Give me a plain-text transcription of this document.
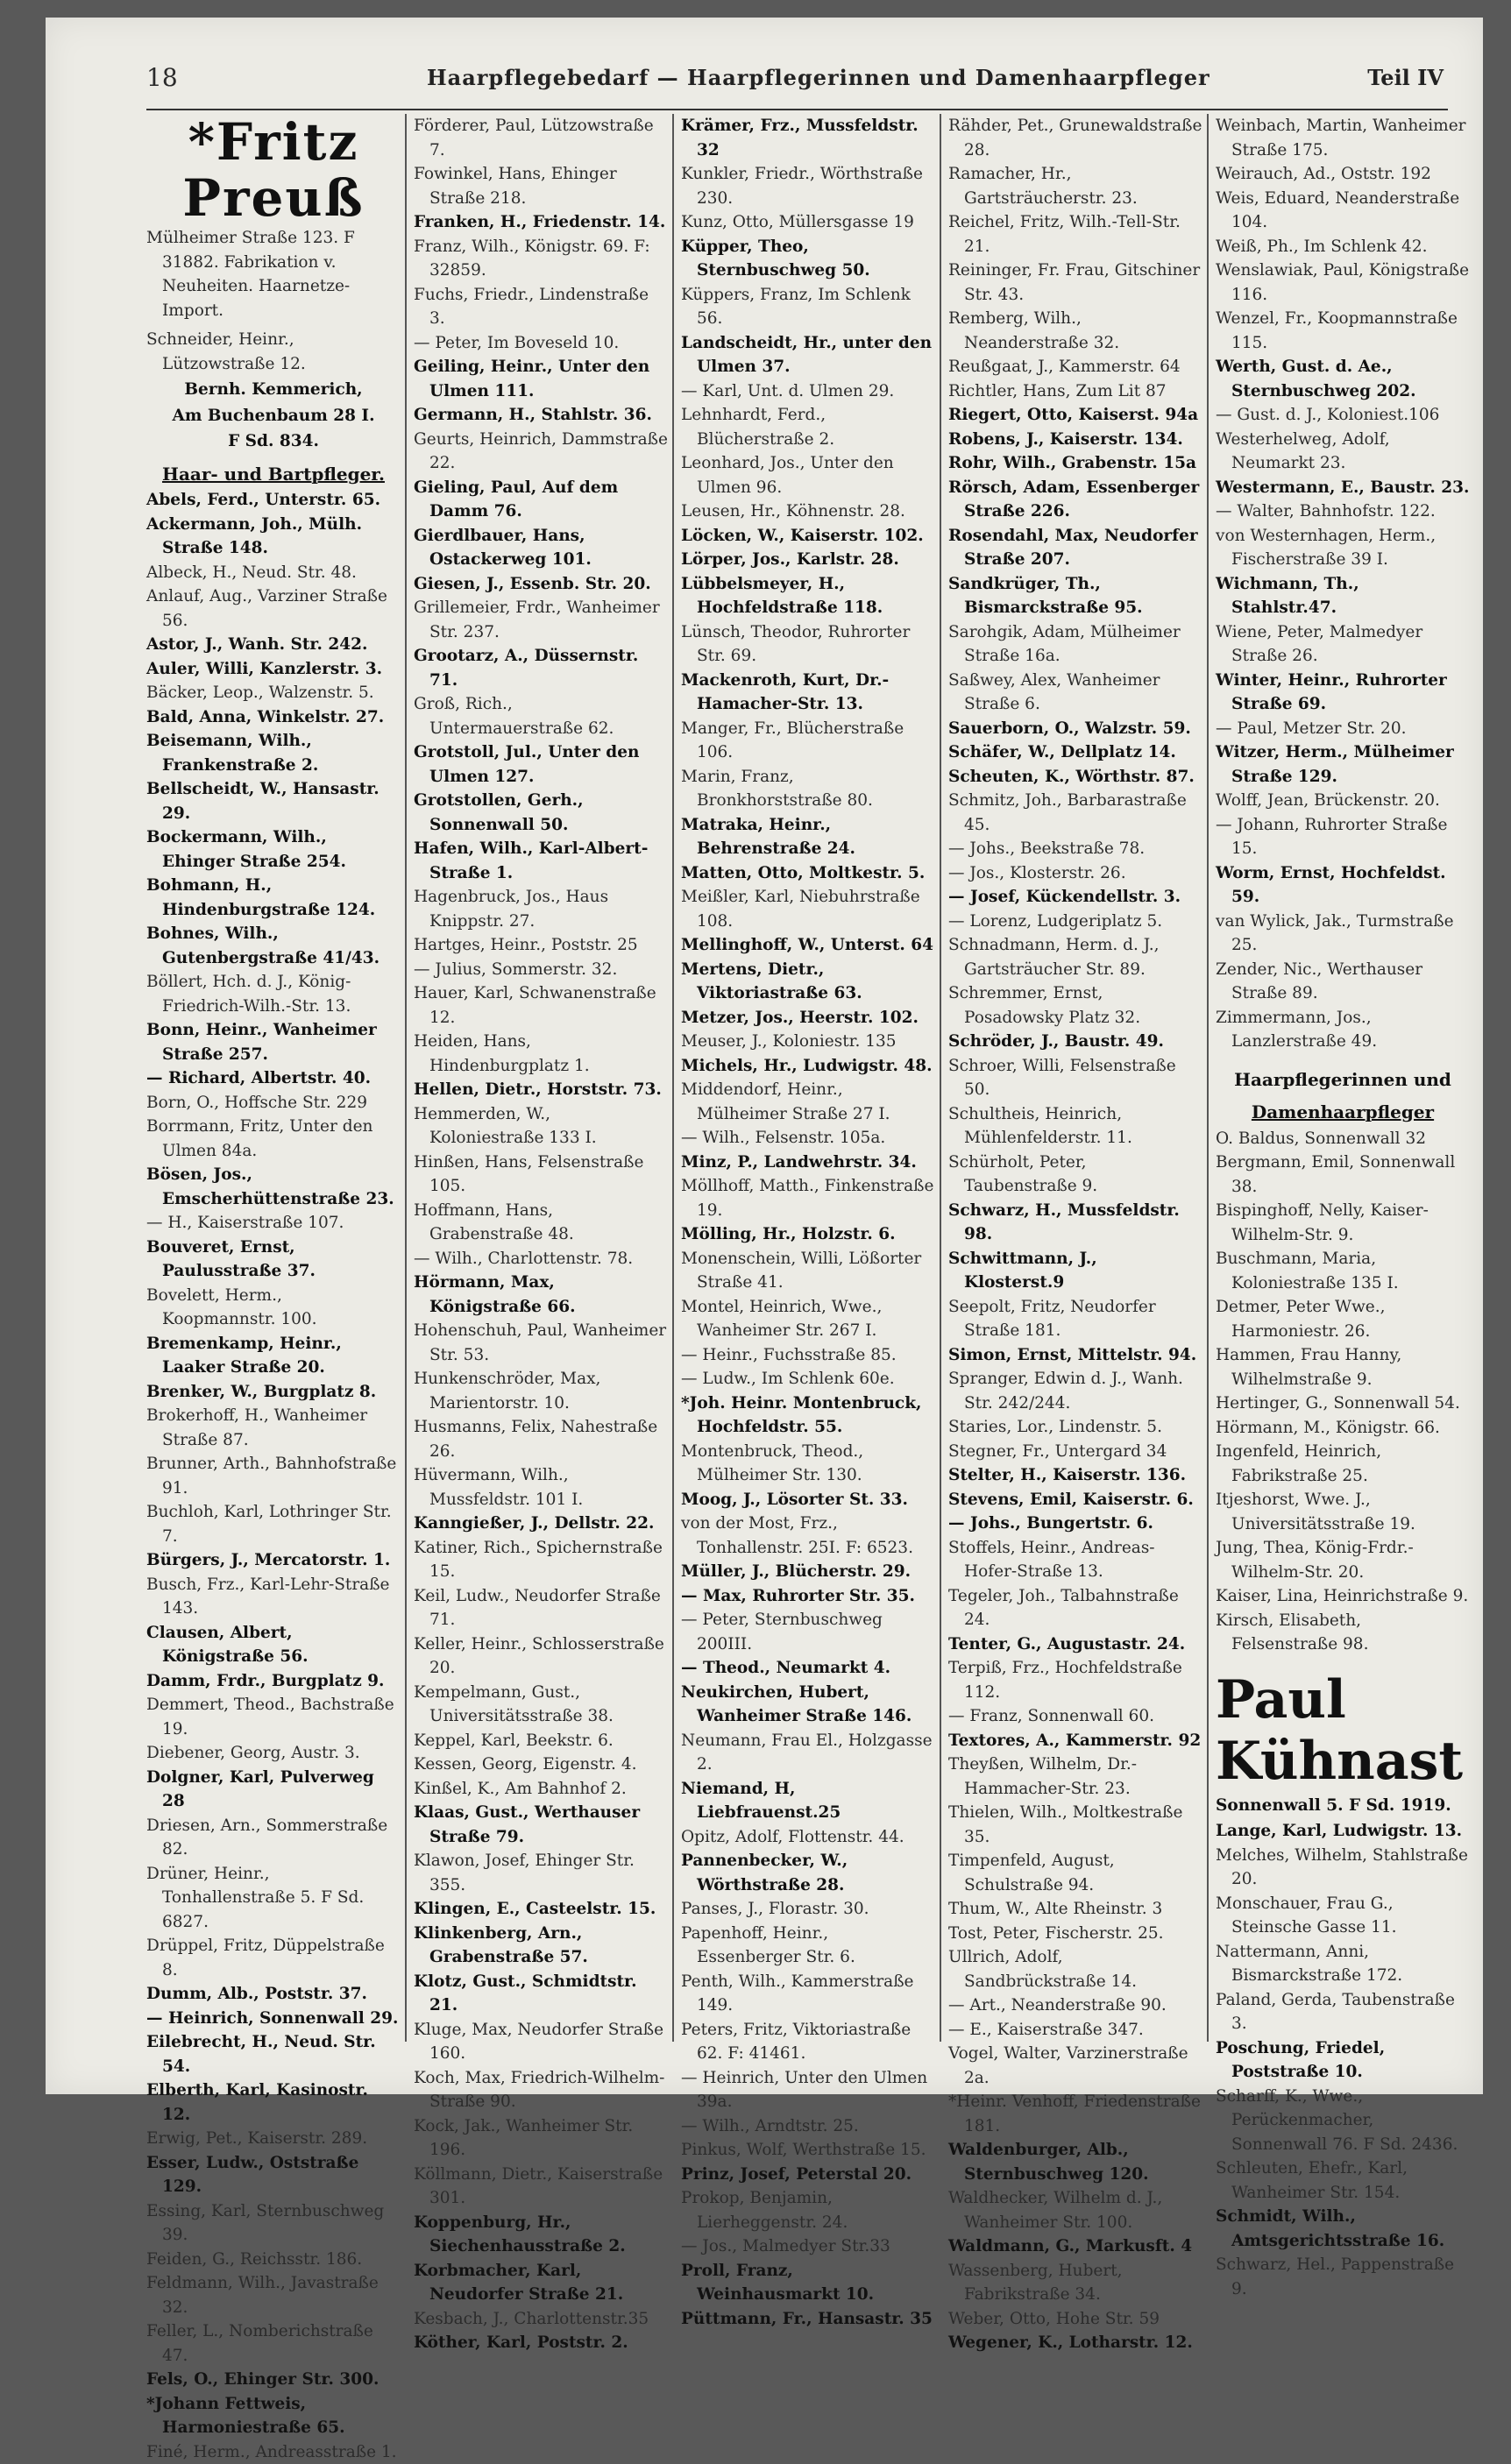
18	Haarpflegebedarf — Haarpflegerinnen und Damenhaarpfleger	Teil IV
*Fritz Preuß

Mülheimer Straße 123. F 31882. Fabrikation v. Neuheiten. Haarnetze-Import.

Schneider, Heinr., Lützowstraße 12.

Bernh. Kemmerich,
Am Buchenbaum 28 I.
F Sd. 834.
Haar- und Bartpfleger.

Abels, Ferd., Unterstr. 65.

Ackermann, Joh., Mülh. Straße 148.

Albeck, H., Neud. Str. 48.

Anlauf, Aug., Varziner Straße 56.

Astor, J., Wanh. Str. 242.

Auler, Willi, Kanzlerstr. 3.

Bäcker, Leop., Walzenstr. 5.

Bald, Anna, Winkelstr. 27.

Beisemann, Wilh., Frankenstraße 2.

Bellscheidt, W., Hansastr. 29.

Bockermann, Wilh., Ehinger Straße 254.

Bohmann, H., Hindenburgstraße 124.

Bohnes, Wilh., Gutenbergstraße 41/43.

Böllert, Hch. d. J., König-Friedrich-Wilh.-Str. 13.

Bonn, Heinr., Wanheimer Straße 257.

— Richard, Albertstr. 40.

Born, O., Hoffsche Str. 229

Borrmann, Fritz, Unter den Ulmen 84a.

Bösen, Jos., Emscherhüttenstraße 23.

— H., Kaiserstraße 107.

Bouveret, Ernst, Paulusstraße 37.

Bovelett, Herm., Koopmannstr. 100.

Bremenkamp, Heinr., Laaker Straße 20.

Brenker, W., Burgplatz 8.

Brokerhoff, H., Wanheimer Straße 87.

Brunner, Arth., Bahnhofstraße 91.

Buchloh, Karl, Lothringer Str. 7.

Bürgers, J., Mercatorstr. 1.

Busch, Frz., Karl-Lehr-Straße 143.

Clausen, Albert, Königstraße 56.

Damm, Frdr., Burgplatz 9.

Demmert, Theod., Bachstraße 19.

Diebener, Georg, Austr. 3.

Dolgner, Karl, Pulverweg 28

Driesen, Arn., Sommerstraße 82.

Drüner, Heinr., Tonhallenstraße 5. F Sd. 6827.

Drüppel, Fritz, Düppelstraße 8.

Dumm, Alb., Poststr. 37.

— Heinrich, Sonnenwall 29.

Eilebrecht, H., Neud. Str. 54.

Elberth, Karl, Kasinostr. 12.

Erwig, Pet., Kaiserstr. 289.

Esser, Ludw., Oststraße 129.

Essing, Karl, Sternbuschweg 39.

Feiden, G., Reichsstr. 186.

Feldmann, Wilh., Javastraße 32.

Feller, L., Nomberichstraße 47.

Fels, O., Ehinger Str. 300.

*Johann Fettweis, Harmoniestraße 65.

Finé, Herm., Andreasstraße 1.

Förderer, Paul, Lützowstraße 7.

Fowinkel, Hans, Ehinger Straße 218.

Franken, H., Friedenstr. 14.

Franz, Wilh., Königstr. 69. F: 32859.

Fuchs, Friedr., Lindenstraße 3.

— Peter, Im Boveseld 10.

Geiling, Heinr., Unter den Ulmen 111.

Germann, H., Stahlstr. 36.

Geurts, Heinrich, Dammstraße 22.

Gieling, Paul, Auf dem Damm 76.

Gierdlbauer, Hans, Ostackerweg 101.

Giesen, J., Essenb. Str. 20.

Grillemeier, Frdr., Wanheimer Str. 237.

Grootarz, A., Düssernstr. 71.

Groß, Rich., Untermauerstraße 62.

Grotstoll, Jul., Unter den Ulmen 127.

Grotstollen, Gerh., Sonnenwall 50.

Hafen, Wilh., Karl-Albert-Straße 1.

Hagenbruck, Jos., Haus Knippstr. 27.

Hartges, Heinr., Poststr. 25

— Julius, Sommerstr. 32.

Hauer, Karl, Schwanenstraße 12.

Heiden, Hans, Hindenburgplatz 1.

Hellen, Dietr., Horststr. 73.

Hemmerden, W., Koloniestraße 133 I.

Hinßen, Hans, Felsenstraße 105.

Hoffmann, Hans, Grabenstraße 48.

— Wilh., Charlottenstr. 78.

Hörmann, Max, Königstraße 66.

Hohenschuh, Paul, Wanheimer Str. 53.

Hunkenschröder, Max, Marientorstr. 10.

Husmanns, Felix, Nahestraße 26.

Hüvermann, Wilh., Mussfeldstr. 101 I.

Kanngießer, J., Dellstr. 22.

Katiner, Rich., Spichernstraße 15.

Keil, Ludw., Neudorfer Straße 71.

Keller, Heinr., Schlosserstraße 20.

Kempelmann, Gust., Universitätsstraße 38.

Keppel, Karl, Beekstr. 6.

Kessen, Georg, Eigenstr. 4.

Kinßel, K., Am Bahnhof 2.

Klaas, Gust., Werthauser Straße 79.

Klawon, Josef, Ehinger Str. 355.

Klingen, E., Casteelstr. 15.

Klinkenberg, Arn., Grabenstraße 57.

Klotz, Gust., Schmidtstr. 21.

Kluge, Max, Neudorfer Straße 160.

Koch, Max, Friedrich-Wilhelm-Straße 90.

Kock, Jak., Wanheimer Str. 196.

Köllmann, Dietr., Kaiserstraße 301.

Koppenburg, Hr., Siechenhausstraße 2.

Korbmacher, Karl, Neudorfer Straße 21.

Kesbach, J., Charlottenstr.35

Köther, Karl, Poststr. 2.

Krämer, Frz., Mussfeldstr. 32

Kunkler, Friedr., Wörthstraße 230.

Kunz, Otto, Müllersgasse 19

Küpper, Theo, Sternbuschweg 50.

Küppers, Franz, Im Schlenk 56.

Landscheidt, Hr., unter den Ulmen 37.

— Karl, Unt. d. Ulmen 29.

Lehnhardt, Ferd., Blücherstraße 2.

Leonhard, Jos., Unter den Ulmen 96.

Leusen, Hr., Köhnenstr. 28.

Löcken, W., Kaiserstr. 102.

Lörper, Jos., Karlstr. 28.

Lübbelsmeyer, H., Hochfeldstraße 118.

Lünsch, Theodor, Ruhrorter Str. 69.

Mackenroth, Kurt, Dr.-Hamacher-Str. 13.

Manger, Fr., Blücherstraße 106.

Marin, Franz, Bronkhorststraße 80.

Matraka, Heinr., Behrenstraße 24.

Matten, Otto, Moltkestr. 5.

Meißler, Karl, Niebuhrstraße 108.

Mellinghoff, W., Unterst. 64

Mertens, Dietr., Viktoriastraße 63.

Metzer, Jos., Heerstr. 102.

Meuser, J., Koloniestr. 135

Michels, Hr., Ludwigstr. 48.

Middendorf, Heinr., Mülheimer Straße 27 I.

— Wilh., Felsenstr. 105a.

Minz, P., Landwehrstr. 34.

Möllhoff, Matth., Finkenstraße 19.

Mölling, Hr., Holzstr. 6.

Monenschein, Willi, Lößorter Straße 41.

Montel, Heinrich, Wwe., Wanheimer Str. 267 I.

— Heinr., Fuchsstraße 85.

— Ludw., Im Schlenk 60e.

*Joh. Heinr. Montenbruck, Hochfeldstr. 55.

Montenbruck, Theod., Mülheimer Str. 130.

Moog, J., Lösorter St. 33.

von der Most, Frz., Tonhallenstr. 25I. F: 6523.

Müller, J., Blücherstr. 29.

— Max, Ruhrorter Str. 35.

— Peter, Sternbuschweg 200III.

— Theod., Neumarkt 4.

Neukirchen, Hubert, Wanheimer Straße 146.

Neumann, Frau El., Holzgasse 2.

Niemand, H, Liebfrauenst.25

Opitz, Adolf, Flottenstr. 44.

Pannenbecker, W., Wörthstraße 28.

Panses, J., Florastr. 30.

Papenhoff, Heinr., Essenberger Str. 6.

Penth, Wilh., Kammerstraße 149.

Peters, Fritz, Viktoriastraße 62. F: 41461.

— Heinrich, Unter den Ulmen 39a.

— Wilh., Arndtstr. 25.

Pinkus, Wolf, Werthstraße 15.

Prinz, Josef, Peterstal 20.

Prokop, Benjamin, Lierheggenstr. 24.

— Jos., Malmedyer Str.33

Proll, Franz, Weinhausmarkt 10.

Püttmann, Fr., Hansastr. 35

Rähder, Pet., Grunewaldstraße 28.

Ramacher, Hr., Gartsträucherstr. 23.

Reichel, Fritz, Wilh.-Tell-Str. 21.

Reininger, Fr. Frau, Gitschiner Str. 43.

Remberg, Wilh., Neanderstraße 32.

Reußgaat, J., Kammerstr. 64

Richtler, Hans, Zum Lit 87

Riegert, Otto, Kaiserst. 94a

Robens, J., Kaiserstr. 134.

Rohr, Wilh., Grabenstr. 15a

Rörsch, Adam, Essenberger Straße 226.

Rosendahl, Max, Neudorfer Straße 207.

Sandkrüger, Th., Bismarckstraße 95.

Sarohgik, Adam, Mülheimer Straße 16a.

Saßwey, Alex, Wanheimer Straße 6.

Sauerborn, O., Walzstr. 59.

Schäfer, W., Dellplatz 14.

Scheuten, K., Wörthstr. 87.

Schmitz, Joh., Barbarastraße 45.

— Johs., Beekstraße 78.

— Jos., Klosterstr. 26.

— Josef, Kückendellstr. 3.

— Lorenz, Ludgeriplatz 5.

Schnadmann, Herm. d. J., Gartsträucher Str. 89.

Schremmer, Ernst, Posadowsky Platz 32.

Schröder, J., Baustr. 49.

Schroer, Willi, Felsenstraße 50.

Schultheis, Heinrich, Mühlenfelderstr. 11.

Schürholt, Peter, Taubenstraße 9.

Schwarz, H., Mussfeldstr. 98.

Schwittmann, J., Klosterst.9

Seepolt, Fritz, Neudorfer Straße 181.

Simon, Ernst, Mittelstr. 94.

Spranger, Edwin d. J., Wanh. Str. 242/244.

Staries, Lor., Lindenstr. 5.

Stegner, Fr., Untergard 34

Stelter, H., Kaiserstr. 136.

Stevens, Emil, Kaiserstr. 6.

— Johs., Bungertstr. 6.

Stoffels, Heinr., Andreas-Hofer-Straße 13.

Tegeler, Joh., Talbahnstraße 24.

Tenter, G., Augustastr. 24.

Terpiß, Frz., Hochfeldstraße 112.

— Franz, Sonnenwall 60.

Textores, A., Kammerstr. 92

Theyßen, Wilhelm, Dr.-Hammacher-Str. 23.

Thielen, Wilh., Moltkestraße 35.

Timpenfeld, August, Schulstraße 94.

Thum, W., Alte Rheinstr. 3

Tost, Peter, Fischerstr. 25.

Ullrich, Adolf, Sandbrückstraße 14.

— Art., Neanderstraße 90.

— E., Kaiserstraße 347.

Vogel, Walter, Varzinerstraße 2a.

*Heinr. Venhoff, Friedenstraße 181.

Waldenburger, Alb., Sternbuschweg 120.

Waldhecker, Wilhelm d. J., Wanheimer Str. 100.

Waldmann, G., Markusft. 4

Wassenberg, Hubert, Fabrikstraße 34.

Weber, Otto, Hohe Str. 59

Wegener, K., Lotharstr. 12.

Weinbach, Martin, Wanheimer Straße 175.

Weirauch, Ad., Oststr. 192

Weis, Eduard, Neanderstraße 104.

Weiß, Ph., Im Schlenk 42.

Wenslawiak, Paul, Königstraße 116.

Wenzel, Fr., Koopmannstraße 115.

Werth, Gust. d. Ae., Sternbuschweg 202.

— Gust. d. J., Koloniest.106

Westerhelweg, Adolf, Neumarkt 23.

Westermann, E., Baustr. 23.

— Walter, Bahnhofstr. 122.

von Westernhagen, Herm., Fischerstraße 39 I.

Wichmann, Th., Stahlstr.47.

Wiene, Peter, Malmedyer Straße 26.

Winter, Heinr., Ruhrorter Straße 69.

— Paul, Metzer Str. 20.

Witzer, Herm., Mülheimer Straße 129.

Wolff, Jean, Brückenstr. 20.

— Johann, Ruhrorter Straße 15.

Worm, Ernst, Hochfeldst. 59.

van Wylick, Jak., Turmstraße 25.

Zender, Nic., Werthauser Straße 89.

Zimmermann, Jos., Lanzlerstraße 49.

Haarpflegerinnen und
Damenhaarpfleger

O. Baldus, Sonnenwall 32

Bergmann, Emil, Sonnenwall 38.

Bispinghoff, Nelly, Kaiser-Wilhelm-Str. 9.

Buschmann, Maria, Koloniestraße 135 I.

Detmer, Peter Wwe., Harmoniestr. 26.

Hammen, Frau Hanny, Wilhelmstraße 9.

Hertinger, G., Sonnenwall 54.

Hörmann, M., Königstr. 66.

Ingenfeld, Heinrich, Fabrikstraße 25.

Itjeshorst, Wwe. J., Universitätsstraße 19.

Jung, Thea, König-Frdr.-Wilhelm-Str. 20.

Kaiser, Lina, Heinrichstraße 9.

Kirsch, Elisabeth, Felsenstraße 98.

Paul Kühnast
Sonnenwall 5. F Sd. 1919.

Lange, Karl, Ludwigstr. 13.

Melches, Wilhelm, Stahlstraße 20.

Monschauer, Frau G., Steinsche Gasse 11.

Nattermann, Anni, Bismarckstraße 172.

Paland, Gerda, Taubenstraße 3.

Poschung, Friedel, Poststraße 10.

Scharff, K., Wwe., Perückenmacher, Sonnenwall 76. F Sd. 2436.

Schleuten, Ehefr., Karl, Wanheimer Str. 154.

Schmidt, Wilh., Amtsgerichtsstraße 16.

Schwarz, Hel., Pappenstraße 9.
